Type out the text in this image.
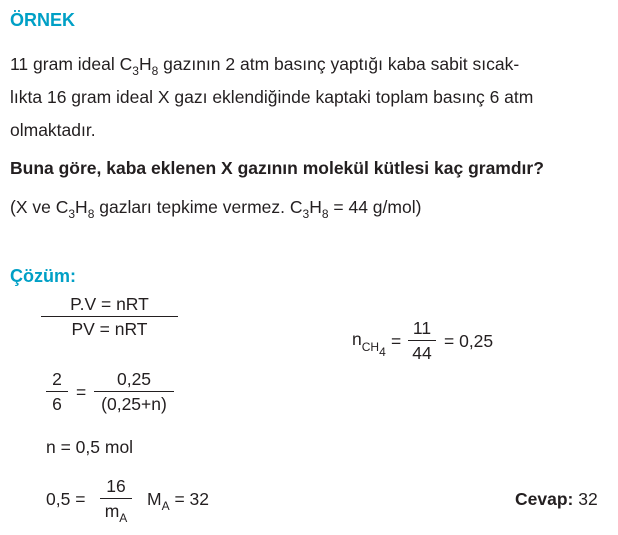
ÖRNEK
11 gram ideal $C_3H_8$ gazının 2 atm basınç yaptığı kaba sabit sıcak-
lıkta 16 gram ideal X gazı eklendiğinde kaptaki toplam basınç 6 atm
olmaktadır.
Buna göre, kaba eklenen X gazının molekül kütlesi kaç gramdır?
(X ve $C_3H_8$ gazları tepkime vermez. $C_3H_8 = 44$ g/mol)
Çözüm:
P.V = nRT
PV = nRT	$n_{CH_4}$
=
11
44
= 0,25
2
6
=
0,25
(0,25+n)
n = 0,5 mol
0,5 =
16
$m_A$
$M_A = 32$	Cevap: 32
